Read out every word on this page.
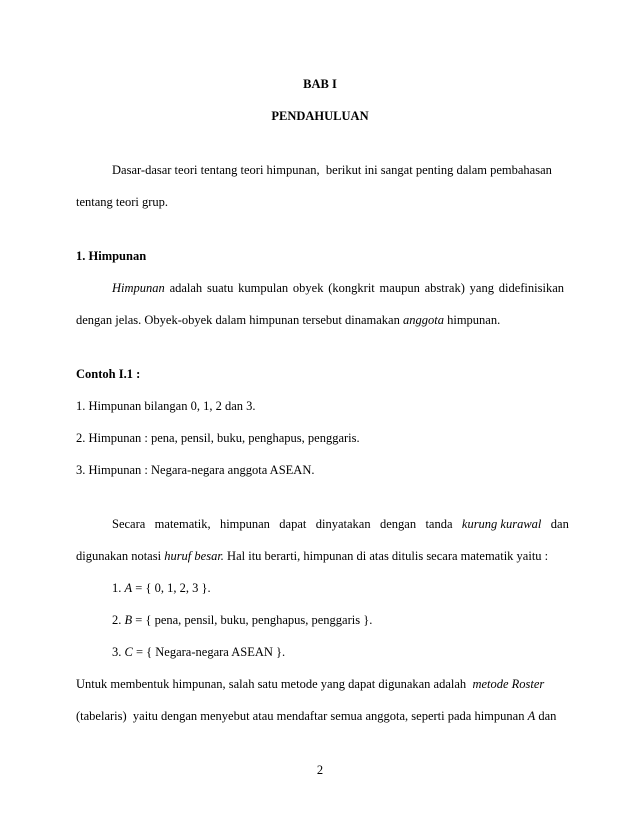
BAB I
PENDAHULUAN
Dasar-dasar teori tentang teori himpunan,  berikut ini sangat penting dalam pembahasan
tentang teori grup.
1. Himpunan
Himpunan adalah suatu kumpulan obyek (kongkrit maupun abstrak) yang didefinisikan
dengan jelas. Obyek-obyek dalam himpunan tersebut dinamakan anggota himpunan.
Contoh I.1 :
1. Himpunan bilangan 0, 1, 2 dan 3.
2. Himpunan : pena, pensil, buku, penghapus, penggaris.
3. Himpunan : Negara-negara anggota ASEAN.
Secara   matematik,   himpunan   dapat   dinyatakan   dengan   tanda   kurung kurawal   dan
digunakan notasi huruf besar. Hal itu berarti, himpunan di atas ditulis secara matematik yaitu :
1. A = { 0, 1, 2, 3 }.
2. B = { pena, pensil, buku, penghapus, penggaris }.
3. C = { Negara-negara ASEAN }.
Untuk membentuk himpunan, salah satu metode yang dapat digunakan adalah  metode Roster
(tabelaris)  yaitu dengan menyebut atau mendaftar semua anggota, seperti pada himpunan A dan
2
